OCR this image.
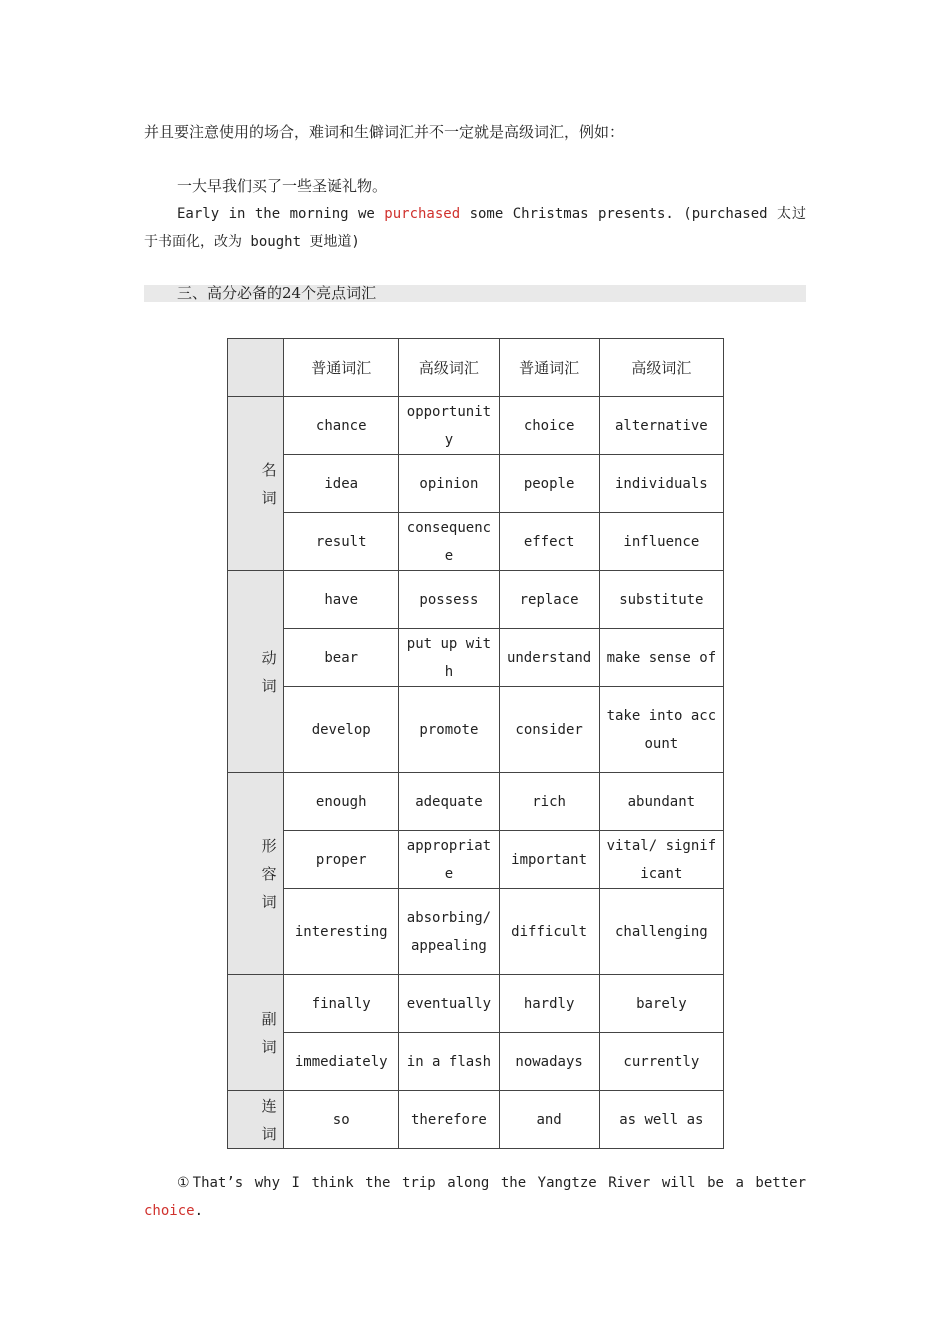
并且要注意使用的场合，难词和生僻词汇并不一定就是高级词汇，例如：

一大早我们买了一些圣诞礼物。

Early in the morning we purchased some Christmas presents. (purchased 太过于书面化，改为 bought 更地道)

三、高分必备的24个亮点词汇
	普通词汇	高级词汇	普通词汇	高级词汇
名词	chance	opportunity	choice	alternative
	idea	opinion	people	individuals
	result	consequence	effect	influence
动词	have	possess	replace	substitute
	bear	put up with	understand	make sense of
	develop	promote	consider	take into account
形容词	enough	adequate	rich	abundant
	proper	appropriate	important	vital/ significant
	interesting	absorbing/ appealing	difficult	challenging
副词	finally	eventually	hardly	barely
	immediately	in a flash	nowadays	currently
连词	so	therefore	and	as well as

①That’s why I think the trip along the Yangtze River will be a better choice.
